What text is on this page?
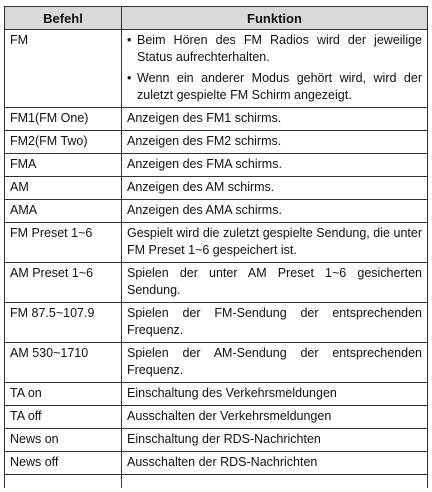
Befehl	Funktion
FM	• Beim Hören des FM Radios wird der jeweilige Status aufrechterhalten.
• Wenn ein anderer Modus gehört wird, wird der zuletzt gespielte FM Schirm angezeigt.

FM1(FM One)	Anzeigen des FM1 schirms.
FM2(FM Two)	Anzeigen des FM2 schirms.
FMA	Anzeigen des FMA schirms.
AM	Anzeigen des AM schirms.
AMA	Anzeigen des AMA schirms.
FM Preset 1~6	Gespielt wird die zuletzt gespielte Sendung, die unter FM Preset 1~6 gespeichert ist.
AM Preset 1~6	Spielen der unter AM Preset 1~6 gesicherten Sendung.
FM 87.5~107.9	Spielen der FM-Sendung der entsprechenden Frequenz.
AM 530~1710	Spielen der AM-Sendung der entsprechenden Frequenz.
TA on	Einschaltung des Verkehrsmeldungen
TA off	Ausschalten der Verkehrsmeldungen
News on	Einschaltung der RDS-Nachrichten
News off	Ausschalten der RDS-Nachrichten
